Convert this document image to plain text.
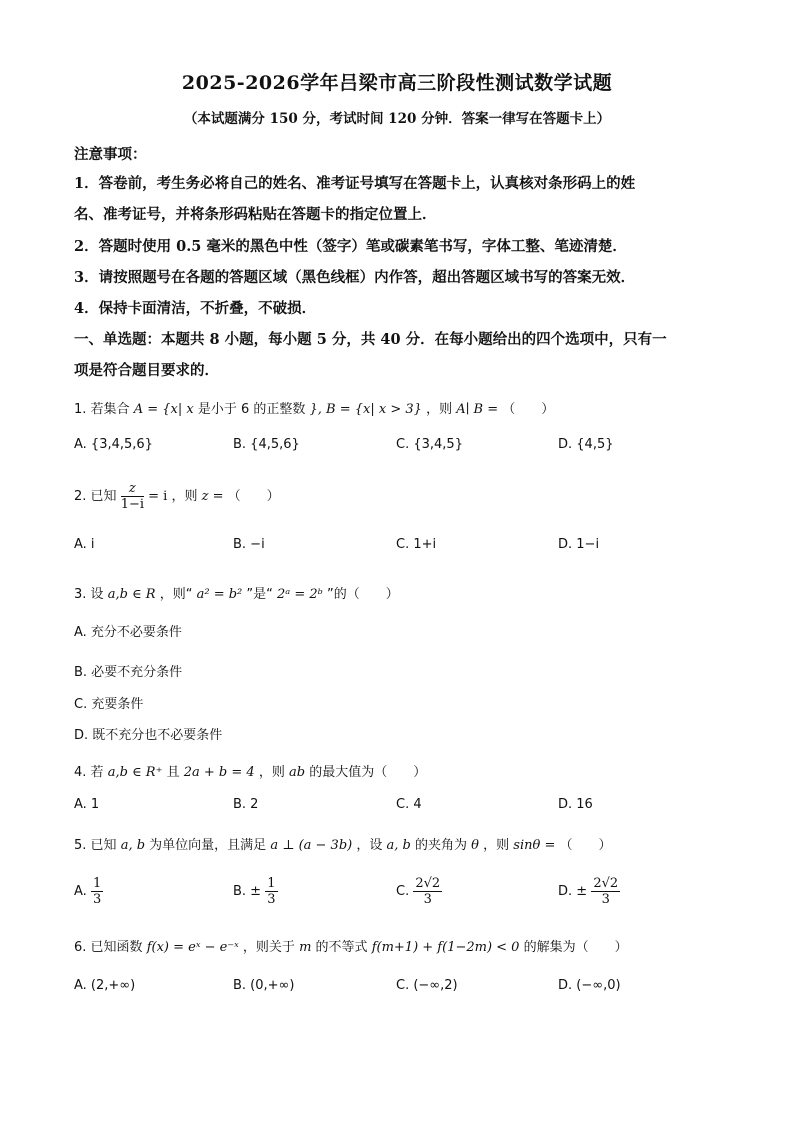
2025-2026学年吕梁市高三阶段性测试数学试题
（本试题满分 150 分，考试时间 120 分钟．答案一律写在答题卡上）
注意事项：
1．答卷前，考生务必将自己的姓名、准考证号填写在答题卡上，认真核对条形码上的姓
名、准考证号，并将条形码粘贴在答题卡的指定位置上．
2．答题时使用 0.5 毫米的黑色中性（签字）笔或碳素笔书写，字体工整、笔迹清楚．
3．请按照题号在各题的答题区域（黑色线框）内作答，超出答题区域书写的答案无效．
4．保持卡面清洁，不折叠，不破损．
一、单选题：本题共 8 小题，每小题 5 分，共 40 分．在每小题给出的四个选项中，只有一
项是符合题目要求的．
1. 若集合 A = {x| x 是小于 6 的正整数 }, B = {x| x > 3} ，则 A∣ B = （　　）
A. {3,4,5,6}	B. {4,5,6}	C. {3,4,5}	D. {4,5}
2. 已知 $\frac{z}{1-i} = i$ ，则 z = （　　）
A. i	B. −i	C. 1+i	D. 1−i
3. 设 a,b ∈ R ，则“ a² = b² ”是“ 2ᵃ = 2ᵇ ”的（　　）
A. 充分不必要条件
B. 必要不充分条件
C. 充要条件
D. 既不充分也不必要条件
4. 若 a,b ∈ R⁺ 且 2a + b = 4 ，则 ab 的最大值为（　　）
A. 1	B. 2	C. 4	D. 16
5. 已知 a, b 为单位向量，且满足 a ⊥ (a − 3b) ，设 a, b 的夹角为 θ ，则 sinθ = （　　）
A. $\frac{1}{3}$	B. ± $\frac{1}{3}$	C. $\frac{2√2}{3}$	D. ± $\frac{2√2}{3}$
6. 已知函数 f(x) = eˣ − e⁻ˣ ，则关于 m 的不等式 f(m+1) + f(1−2m) < 0 的解集为（　　）
A. (2,+∞)	B. (0,+∞)	C. (−∞,2)	D. (−∞,0)
